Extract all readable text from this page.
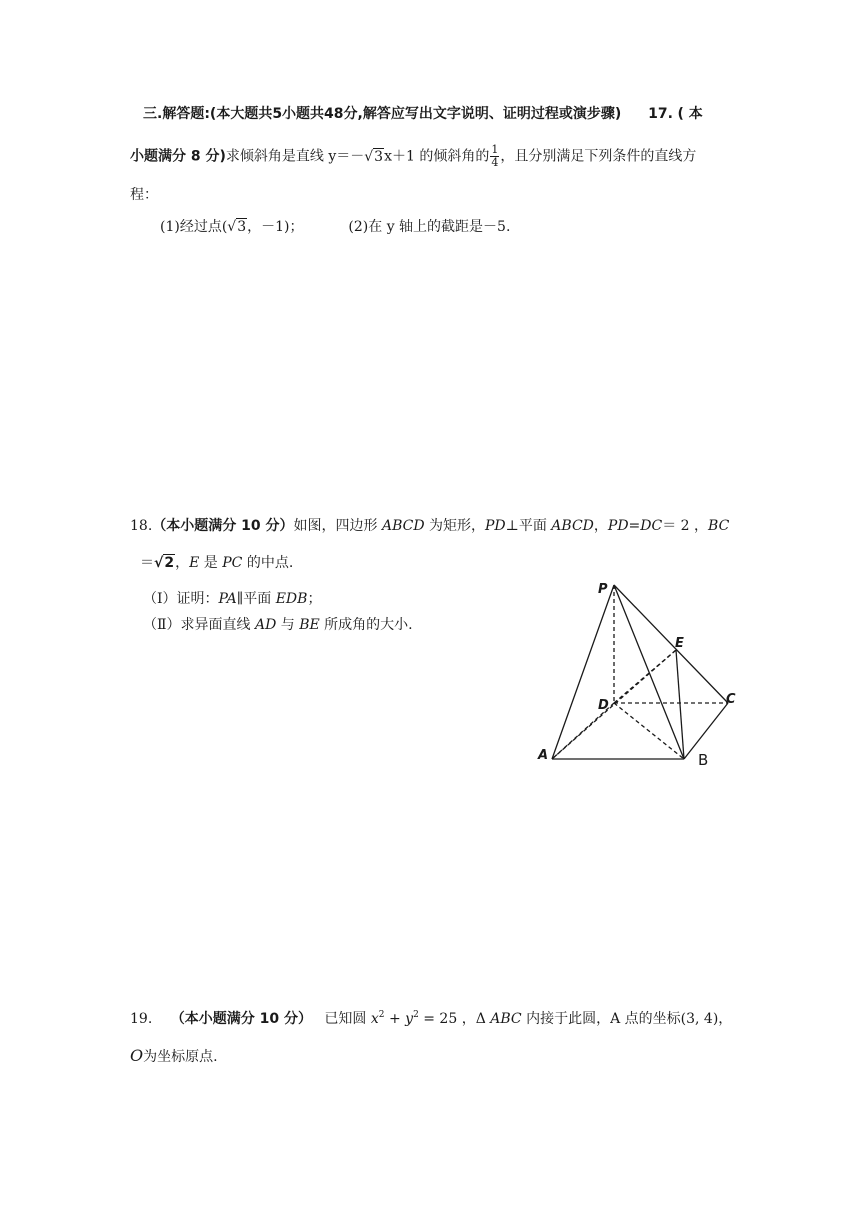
三.解答题:(本大题共5小题共48分,解答应写出文字说明、证明过程或演步骤) 17. ( 本
小题满分 8 分)求倾斜角是直线 y＝－√3x＋1 的倾斜角的 $\frac{1}{4}$ ，且分别满足下列条件的直线方
程：
(1)经过点(√3，－1)；	(2)在 y 轴上的截距是－5.
18.（本小题满分 10 分）如图，四边形 ABCD 为矩形，PD⊥平面 ABCD，PD=DC＝ 2 ，BC
＝√2，E 是 PC 的中点.
（Ⅰ）证明：PA∥平面 EDB；
（Ⅱ）求异面直线 AD 与 BE 所成角的大小.
P
E
D	C
A	B
19. （本小题满分 10 分） 已知圆 $x^2 + y^2 = 25$ ，Δ ABC 内接于此圆，A 点的坐标(3, 4)，
O为坐标原点.
